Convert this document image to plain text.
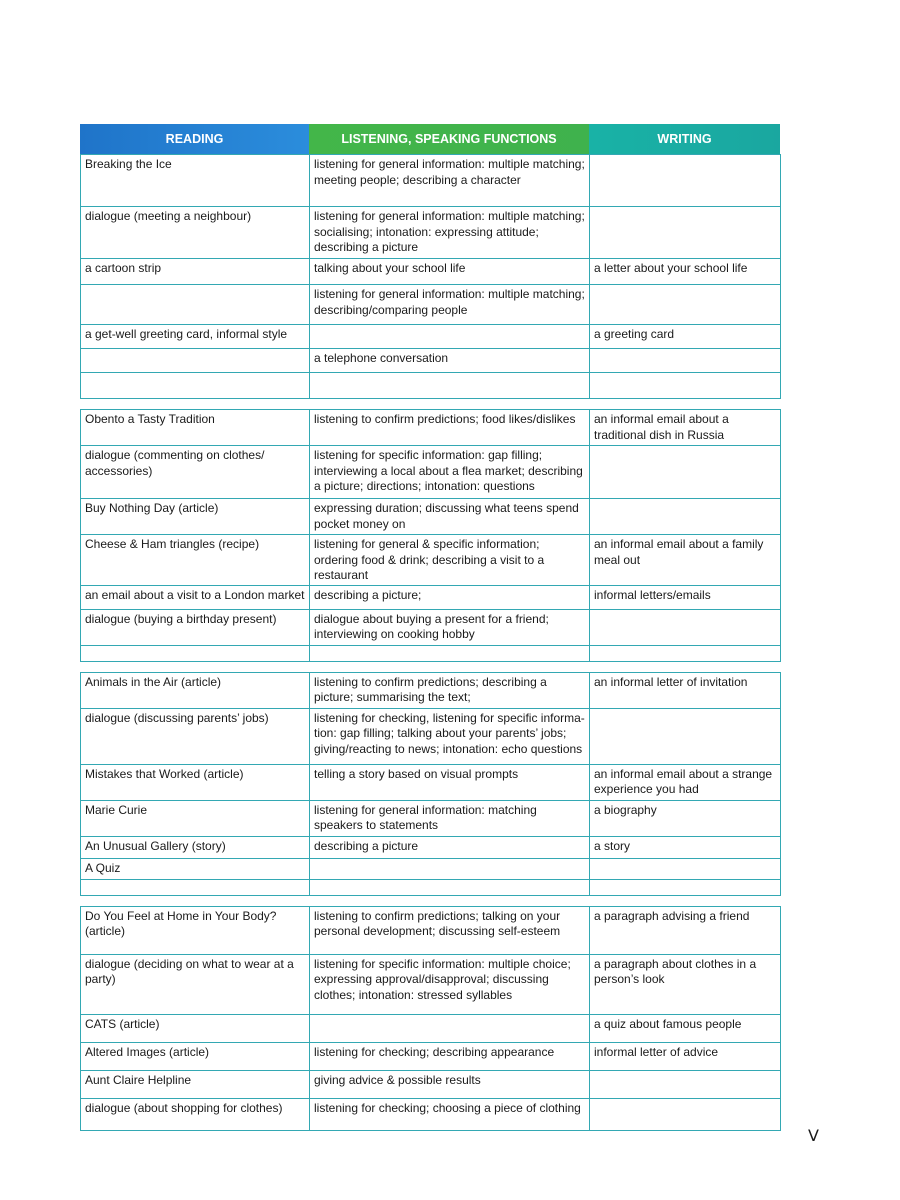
READING	LISTENING, SPEAKING FUNCTIONS	WRITING
Breaking the Ice	listening for general information: multiple matching; meeting people; describing a character	
dialogue (meeting a neighbour)	listening for general information: multiple matching; socialising; intonation: expressing attitude; describing a picture	
a cartoon strip	talking about your school life	a letter about your school life
	listening for general information: multiple matching; describing/comparing people	
a get-well greeting card, informal style		a greeting card
	a telephone conversation	

Obento a Tasty Tradition	listening to confirm predictions; food likes/dislikes	an informal email about a traditional dish in Russia
dialogue (commenting on clothes/ accessories)	listening for specific information: gap filling; interviewing a local about a flea market; describing a picture; directions; intonation: questions	
Buy Nothing Day (article)	expressing duration; discussing what teens spend pocket money on	
Cheese & Ham triangles (recipe)	listening for general & specific information; ordering food & drink; describing a visit to a restaurant	an informal email about a family meal out
an email about a visit to a London market	describing a picture;	informal letters/emails
dialogue (buying a birthday present)	dialogue about buying a present for a friend; interviewing on cooking hobby	

Animals in the Air (article)	listening to confirm predictions; describing a picture; summarising the text;	an informal letter of invitation
dialogue (discussing parents’ jobs)	listening for checking, listening for specific informa-tion: gap filling; talking about your parents’ jobs; giving/reacting to news; intonation: echo questions	
Mistakes that Worked (article)	telling a story based on visual prompts	an informal email about a strange experience you had
Marie Curie	listening for general information: matching speakers to statements	a biography
An Unusual Gallery (story)	describing a picture	a story
A Quiz		

Do You Feel at Home in Your Body? (article)	listening to confirm predictions; talking on your personal development; discussing self-esteem	a paragraph advising a friend
dialogue (deciding on what to wear at a party)	listening for specific information: multiple choice; expressing approval/disapproval; discussing clothes; intonation: stressed syllables	a paragraph about clothes in a person’s look
CATS (article)		a quiz about famous people
Altered Images (article)	listening for checking; describing appearance	informal letter of advice
Aunt Claire Helpline	giving advice & possible results	
dialogue (about shopping for clothes)	listening for checking; choosing a piece of clothing	
V
